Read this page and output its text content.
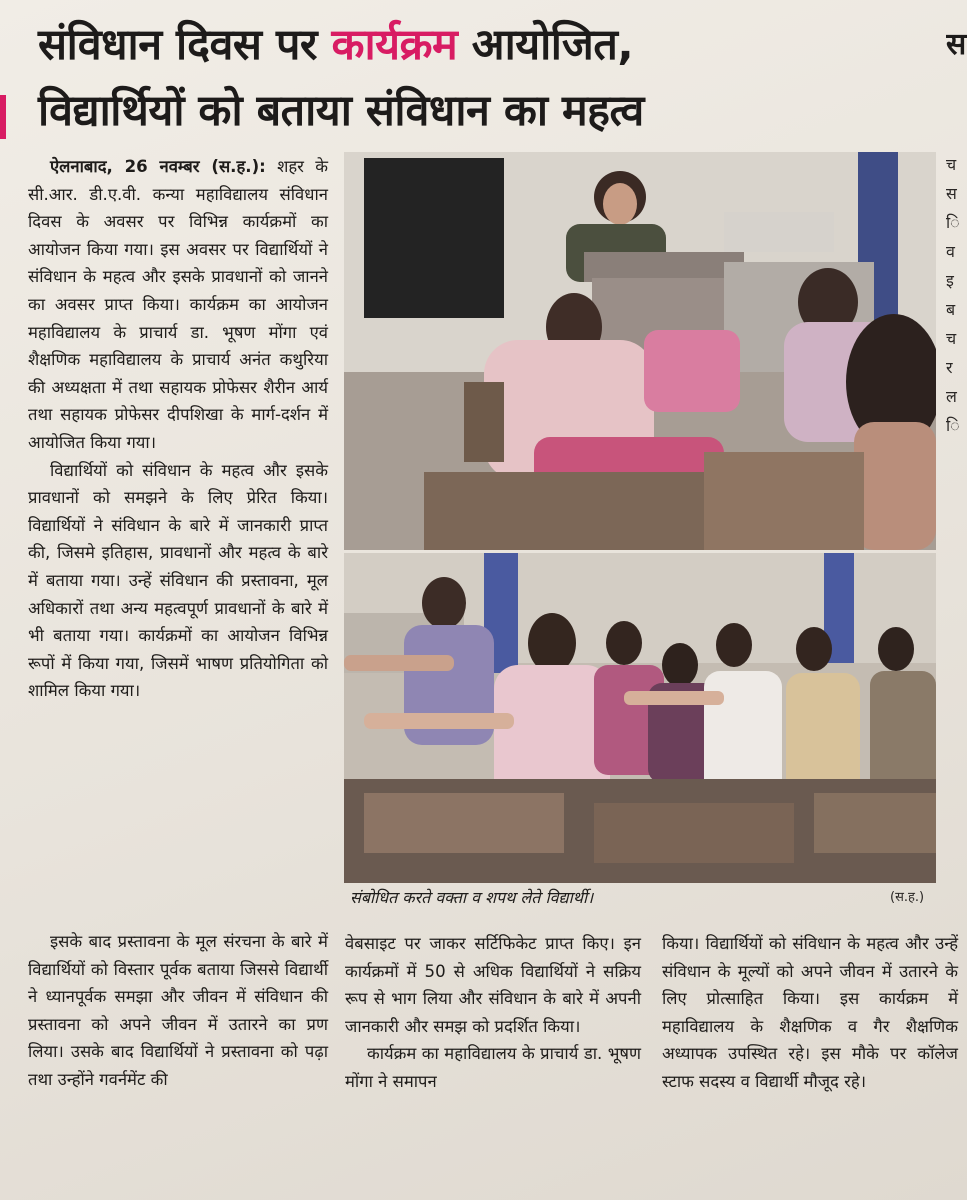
स
संविधान दिवस पर कार्यक्रम आयोजित,
विद्यार्थियों को बताया संविधान का महत्व

ऐलनाबाद, 26 नवम्बर (स.ह.): शहर के सी.आर. डी.ए.वी. कन्या महाविद्यालय संविधान दिवस के अवसर पर विभिन्न कार्यक्रमों का आयोजन किया गया। इस अवसर पर विद्यार्थियों ने संविधान के महत्व और इसके प्रावधानों को जानने का अवसर प्राप्त किया। कार्यक्रम का आयोजन महाविद्यालय के प्राचार्य डा. भूषण मोंगा एवं शैक्षणिक महाविद्यालय के प्राचार्य अनंत कथुरिया की अध्यक्षता में तथा सहायक प्रोफेसर शैरीन आर्य तथा सहायक प्रोफेसर दीपशिखा के मार्ग-दर्शन में आयोजित किया गया।

विद्यार्थियों को संविधान के महत्व और इसके प्रावधानों को समझने के लिए प्रेरित किया। विद्यार्थियों ने संविधान के बारे में जानकारी प्राप्त की, जिसमे इतिहास, प्रावधानों और महत्व के बारे में बताया गया। उन्हें संविधान की प्रस्तावना, मूल अधिकारों तथा अन्य महत्वपूर्ण प्रावधानों के बारे में भी बताया गया। कार्यक्रमों का आयोजन विभिन्न रूपों में किया गया, जिसमें भाषण प्रतियोगिता को शामिल किया गया।

इसके बाद प्रस्तावना के मूल संरचना के बारे में विद्यार्थियों को विस्तार पूर्वक बताया जिससे विद्यार्थी ने ध्यानपूर्वक समझा और जीवन में संविधान की प्रस्तावना को अपने जीवन में उतारने का प्रण लिया। उसके बाद विद्यार्थियों ने प्रस्तावना को पढ़ा तथा उन्होंने गवर्नमेंट की

वेबसाइट पर जाकर सर्टिफिकेट प्राप्त किए। इन कार्यक्रमों में 50 से अधिक विद्यार्थियों ने सक्रिय रूप से भाग लिया और संविधान के बारे में अपनी जानकारी और समझ को प्रदर्शित किया।

कार्यक्रम का महाविद्यालय के प्राचार्य डा. भूषण मोंगा ने समापन

किया। विद्यार्थियों को संविधान के महत्व और उन्हें संविधान के मूल्यों को अपने जीवन में उतारने के लिए प्रोत्साहित किया। इस कार्यक्रम में महाविद्यालय के शैक्षणिक व गैर शैक्षणिक अध्यापक उपस्थित रहे। इस मौके पर कॉलेज स्टाफ सदस्य व विद्यार्थी मौजूद रहे।

संबोधित करते वक्ता व शपथ लेते विद्यार्थी।	(स.ह.)
च
स
ि
व
इ
ब
च
र
ल
ि
